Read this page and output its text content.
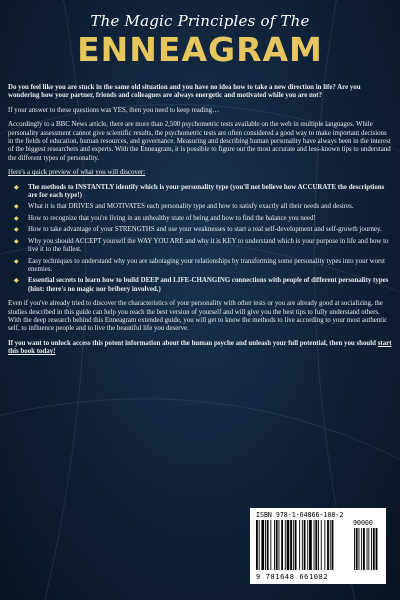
The Magic Principles of The
ENNEAGRAM

Do you feel like you are stuck in the same old situation and you have no idea how to take a new direction in life? Are you wondering how your partner, friends and colleagues are always energetic and motivated while you are not?

If your answer to these questions was YES, then you need to keep reading…

Accordingly to a BBC News article, there are more than 2,500 psychometric tests available on the web in multiple languages. While personality assessment cannot give scientific results, the psychometric tests are often considered a good way to make important decisions in the fields of education, human resources, and governance. Measuring and describing human personality have always been in the interest of the biggest researchers and experts. With the Enneagram, it is possible to figure out the most accurate and less-known tips to understand the different types of personality.

Here's a quick preview of what you will discover:

◆ The methods to INSTANTLY identify which is your personality type (you'll not believe how ACCURATE the descriptions are for each type!)
◆ What it is that DRIVES and MOTIVATES each personality type and how to satisfy exactly all their needs and desires.
◆ How to recognize that you're living in an unhealthy state of being and how to find the balance you need!
◆ How to take advantage of your STRENGTHS and use your weaknesses to start a real self-development and self-growth journey.
◆ Why you should ACCEPT yourself the WAY YOU ARE and why it is KEY to understand which is your purpose in life and how to live it to the fullest.
◆ Easy techniques to understand why you are sabotaging your relationships by transforming some personality types into your worst enemies.
◆ Essential secrets to learn how to build DEEP and LIFE-CHANGING connections with people of different personality types (hint: there's no magic nor bribery involved.)

Even if you've already tried to discover the characteristics of your personality with other tests or you are already good at socializing, the studies described in this guide can help you reach the best version of yourself and will give you the best tips to fully understand others. With the deep research behind this Enneagram extended guide, you will get to know the methods to live according to your most authentic self, to influence people and to live the beautiful life you deserve.

If you want to unlock access this potent information about the human psyche and unleash your full potential, then you should start this book today!

ISBN 978-1-64866-108-2
90000
9 781648 661082
